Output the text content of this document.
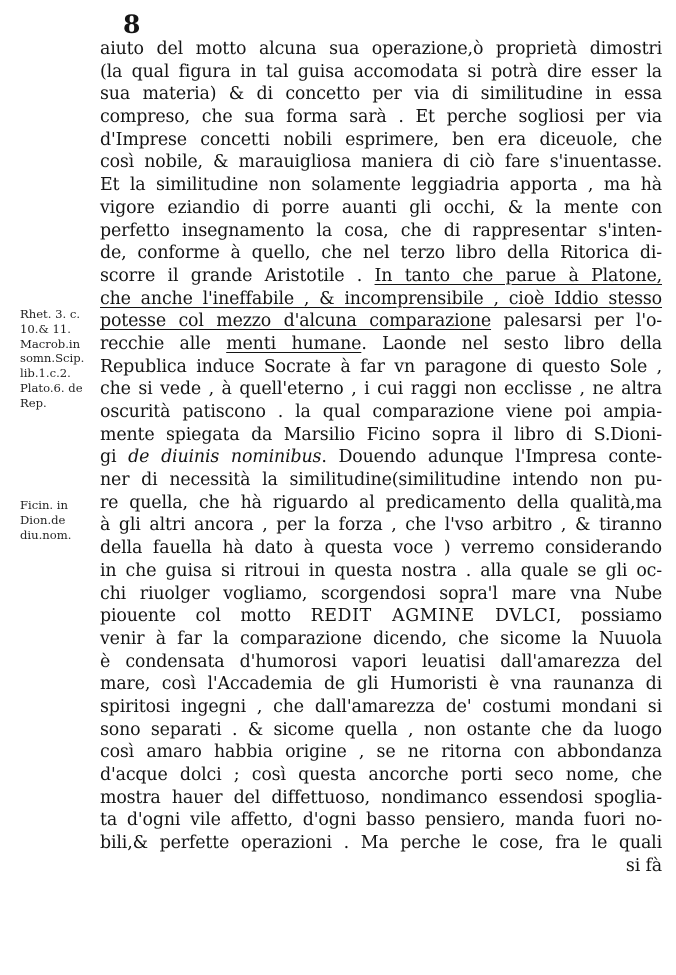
8
Rhet. 3. c.
10.& 11.
Macrob.in
somn.Scip.
lib.1.c.2.
Plato.6. de
Rep.
Ficin. in
Dion.de
diu.nom.
aiuto del motto alcuna sua operazione,ò proprietà dimostri
(la qual figura in tal guisa accomodata si potrà dire esser la
sua materia) & di concetto per via di similitudine in essa
compreso, che sua forma sarà . Et perche sogliosi per via
d'Imprese concetti nobili esprimere, ben era diceuole, che
così nobile, & marauigliosa maniera di ciò fare s'inuentasse.
Et la similitudine non solamente leggiadria apporta , ma hà
vigore eziandio di porre auanti gli occhi, & la mente con
perfetto insegnamento la cosa, che di rappresentar s'inten-
de, conforme à quello, che nel terzo libro della Ritorica di-
scorre il grande Aristotile . In tanto che parue à Platone,
che anche l'ineffabile , & incomprensibile , cioè Iddio stesso
potesse col mezzo d'alcuna comparazione palesarsi per l'o-
recchie alle menti humane. Laonde nel sesto libro della
Republica induce Socrate à far vn paragone di questo Sole ,
che si vede , à quell'eterno , i cui raggi non ecclisse , ne altra
oscurità patiscono . la qual comparazione viene poi ampia-
mente spiegata da Marsilio Ficino sopra il libro di S.Dioni-
gi de diuinis nominibus. Douendo adunque l'Impresa conte-
ner di necessità la similitudine(similitudine intendo non pu-
re quella, che hà riguardo al predicamento della qualità,ma
à gli altri ancora , per la forza , che l'vso arbitro , & tiranno
della fauella hà dato à questa voce ) verremo considerando
in che guisa si ritroui in questa nostra . alla quale se gli oc-
chi riuolger vogliamo, scorgendosi sopra'l mare vna Nube
piouente col motto REDIT AGMINE DVLCI, possiamo
venir à far la comparazione dicendo, che sicome la Nuuola
è condensata d'humorosi vapori leuatisi dall'amarezza del
mare, così l'Accademia de gli Humoristi è vna raunanza di
spiritosi ingegni , che dall'amarezza de' costumi mondani si
sono separati . & sicome quella , non ostante che da luogo
così amaro habbia origine , se ne ritorna con abbondanza
d'acque dolci ; così questa ancorche porti seco nome, che
mostra hauer del diffettuoso, nondimanco essendosi spoglia-
ta d'ogni vile affetto, d'ogni basso pensiero, manda fuori no-
bili,& perfette operazioni . Ma perche le cose, fra le quali
si fà
